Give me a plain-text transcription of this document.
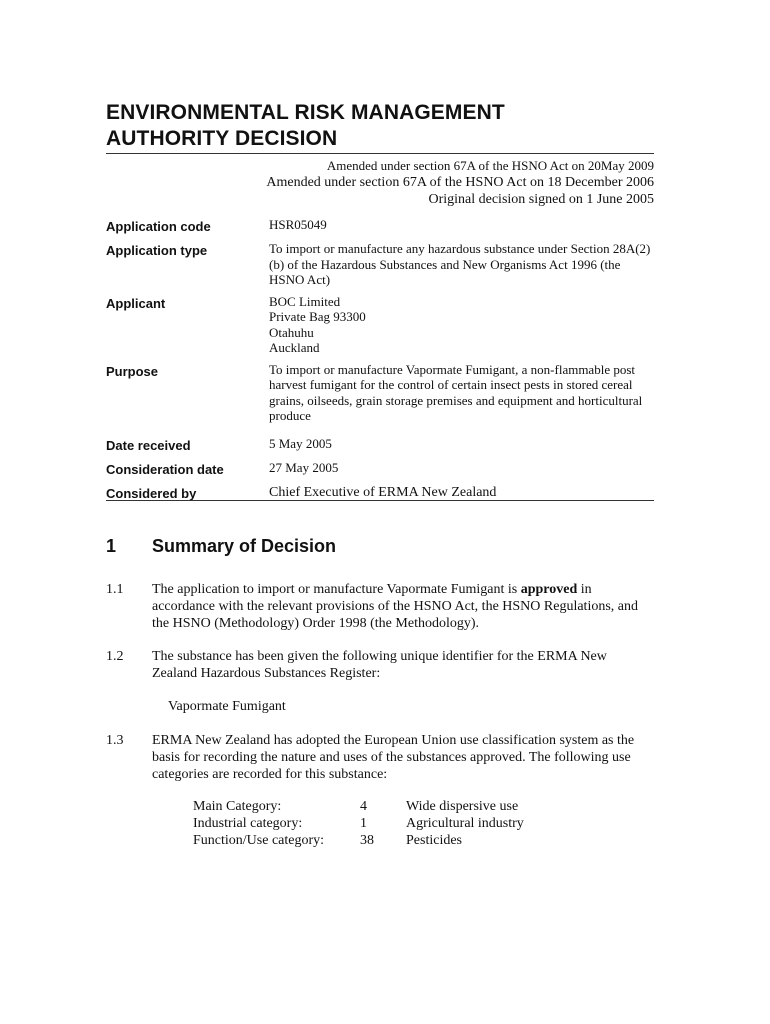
ENVIRONMENTAL RISK MANAGEMENT
AUTHORITY DECISION
Amended under section 67A of the HSNO Act on 20May 2009
Amended under section 67A of the HSNO Act on 18 December 2006
Original decision signed on 1 June 2005
Application code	HSR05049
Application type	To import or manufacture any hazardous substance under Section 28A(2)(b) of the Hazardous Substances and New Organisms Act 1996 (the HSNO Act)
Applicant	BOC Limited
Private Bag 93300
Otahuhu
Auckland
Purpose	To import or manufacture Vapormate Fumigant, a non-flammable post harvest fumigant for the control of certain insect pests in stored cereal grains, oilseeds, grain storage premises and equipment and horticultural produce
Date received	5 May 2005
Consideration date	27 May 2005
Considered by	Chief Executive of ERMA New Zealand
1	Summary of Decision
1.1	The application to import or manufacture Vapormate Fumigant is approved in accordance with the relevant provisions of the HSNO Act, the HSNO Regulations, and the HSNO (Methodology) Order 1998 (the Methodology).
1.2	The substance has been given the following unique identifier for the ERMA New Zealand Hazardous Substances Register:
Vapormate Fumigant
1.3	ERMA New Zealand has adopted the European Union use classification system as the basis for recording the nature and uses of the substances approved. The following use categories are recorded for this substance:
Main Category:	4	Wide dispersive use
Industrial category:	1	Agricultural industry
Function/Use category:	38	Pesticides
